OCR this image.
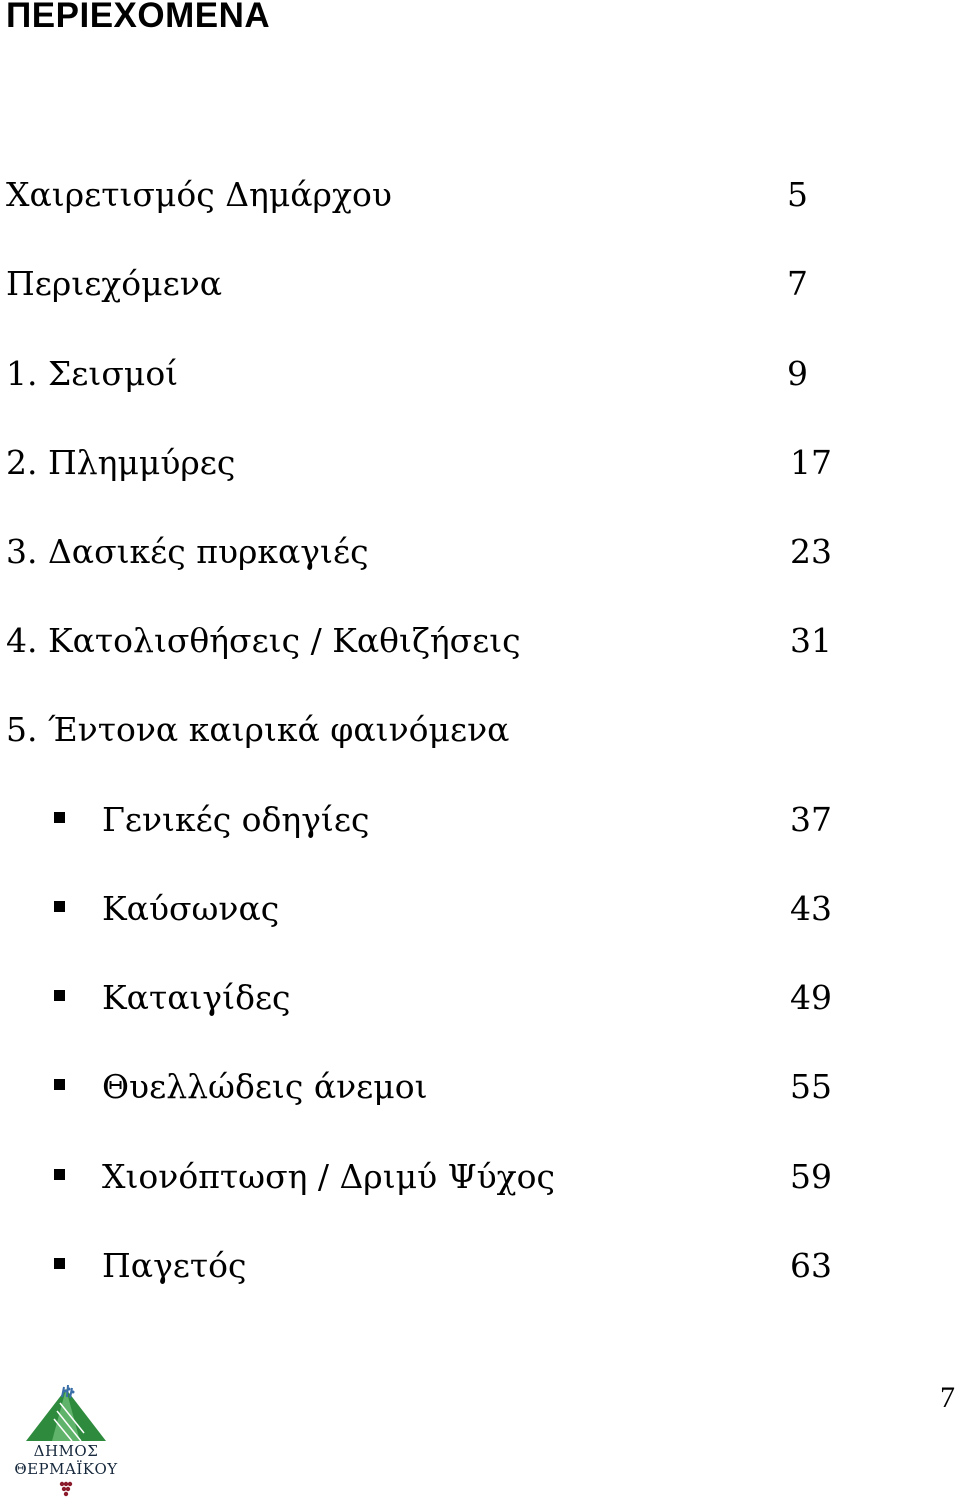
ΠΕΡΙΕΧΟΜΕΝΑ
Χαιρετισμός Δημάρχου	5
Περιεχόμενα	7
1. Σεισμοί	9
2. Πλημμύρες	17
3. Δασικές πυρκαγιές	23
4. Κατολισθήσεις / Καθιζήσεις	31
5. Έντονα καιρικά φαινόμενα
Γενικές οδηγίες	37
Καύσωνας	43
Καταιγίδες	49
Θυελλώδεις άνεμοι	55
Χιονόπτωση / Δριμύ Ψύχος	59
Παγετός	63
ΔΗΜΟΣ
ΘΕΡΜΑΪΚΟΥ
7
